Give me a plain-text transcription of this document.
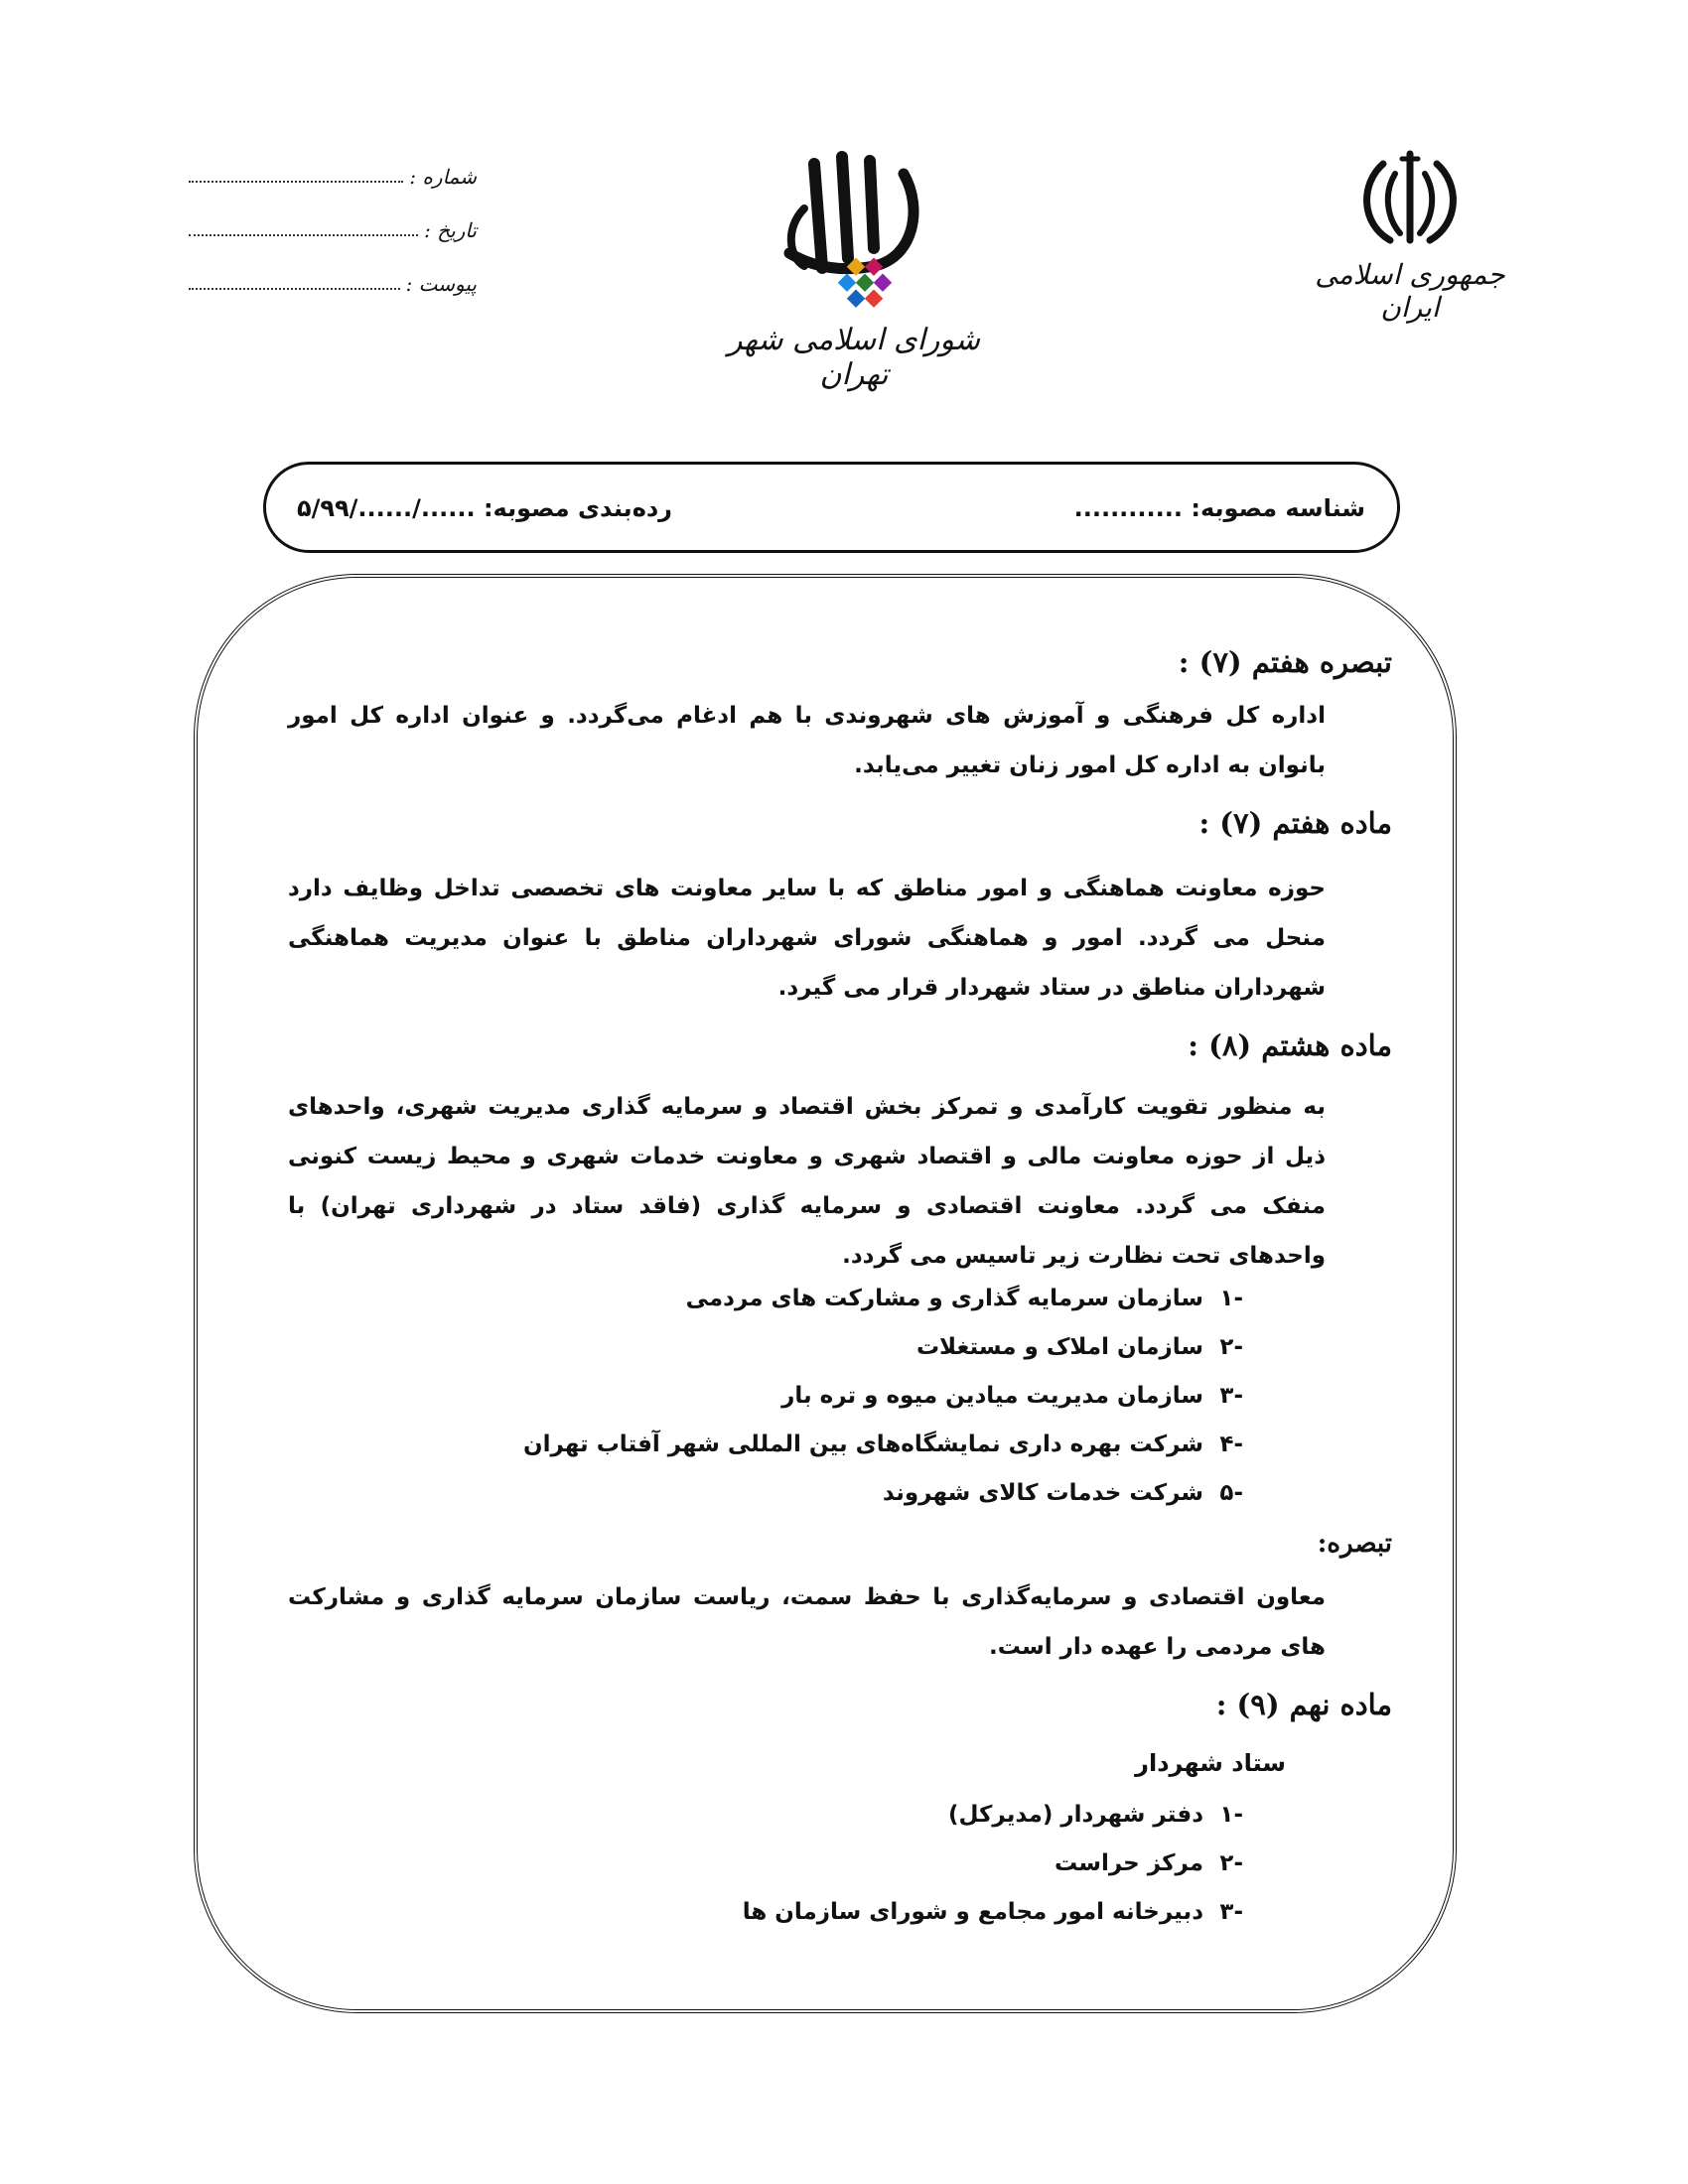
شماره :
تاریخ :
پیوست :
شورای اسلامی شهر تهران
جمهوری اسلامی ایران
شناسه مصوبه: ............
رده‌بندی مصوبه: ....../....../۵/۹۹
تبصره هفتم (۷) :

اداره کل فرهنگی و آموزش های شهروندی با هم ادغام می‌گردد. و عنوان اداره کل امور بانوان به اداره کل امور زنان تغییر می‌یابد.

ماده هفتم (۷) :

حوزه معاونت هماهنگی و امور مناطق که با سایر معاونت های تخصصی تداخل وظایف دارد منحل می گردد. امور و هماهنگی شورای شهرداران مناطق با عنوان مدیریت هماهنگی شهرداران مناطق در ستاد شهردار قرار می گیرد.

ماده هشتم (۸) :

به منظور تقویت کارآمدی و تمرکز بخش اقتصاد و سرمایه گذاری مدیریت شهری، واحدهای ذیل از حوزه معاونت مالی و اقتصاد شهری و معاونت خدمات شهری و محیط زیست کنونی منفک می گردد. معاونت اقتصادی و سرمایه گذاری (فاقد ستاد در شهرداری تهران) با واحدهای تحت نظارت زیر تاسیس می گردد.

-۱سازمان سرمایه گذاری و مشارکت های مردمی
-۲سازمان املاک و مستغلات
-۳سازمان مدیریت میادین میوه و تره بار
-۴شرکت بهره داری نمایشگاه‌های بین المللی شهر آفتاب تهران
-۵شرکت خدمات کالای شهروند
تبصره:

معاون اقتصادی و سرمایه‌گذاری با حفظ سمت، ریاست سازمان سرمایه گذاری و مشارکت های مردمی را عهده دار است.

ماده نهم (۹) :
ستاد شهردار
-۱دفتر شهردار (مدیرکل)
-۲مرکز حراست
-۳دبیرخانه امور مجامع و شورای سازمان ها
